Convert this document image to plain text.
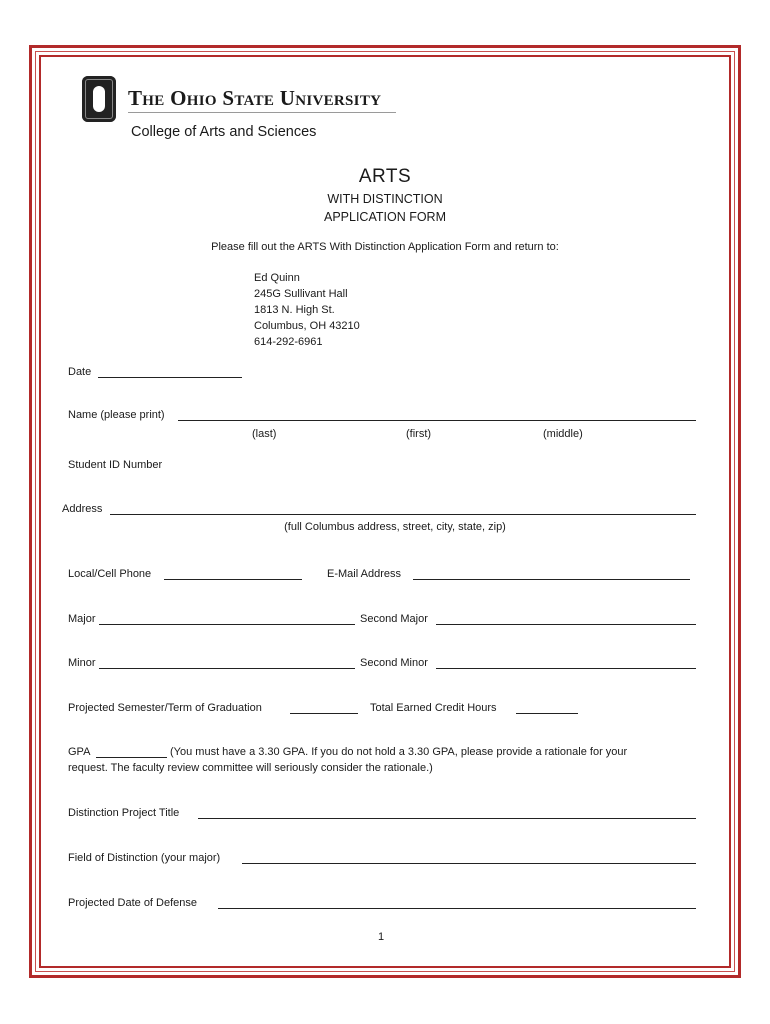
The Ohio State University
College of Arts and Sciences
ARTS
WITH DISTINCTION
APPLICATION FORM
Please fill out the ARTS With Distinction Application Form and return to:
Ed Quinn
245G Sullivant Hall
1813 N. High St.
Columbus, OH 43210
614-292-6961
Date
Name (please print)
(last)	(first)	(middle)
Student ID Number
Address
(full Columbus address, street, city, state, zip)
Local/Cell Phone	E-Mail Address
Major	Second Major
Minor	Second Minor
Projected Semester/Term of Graduation	Total Earned Credit Hours
GPA	(You must have a 3.30 GPA. If you do not hold a 3.30 GPA, please provide a rationale for your
request. The faculty review committee will seriously consider the rationale.)
Distinction Project Title
Field of Distinction (your major)
Projected Date of Defense
1
